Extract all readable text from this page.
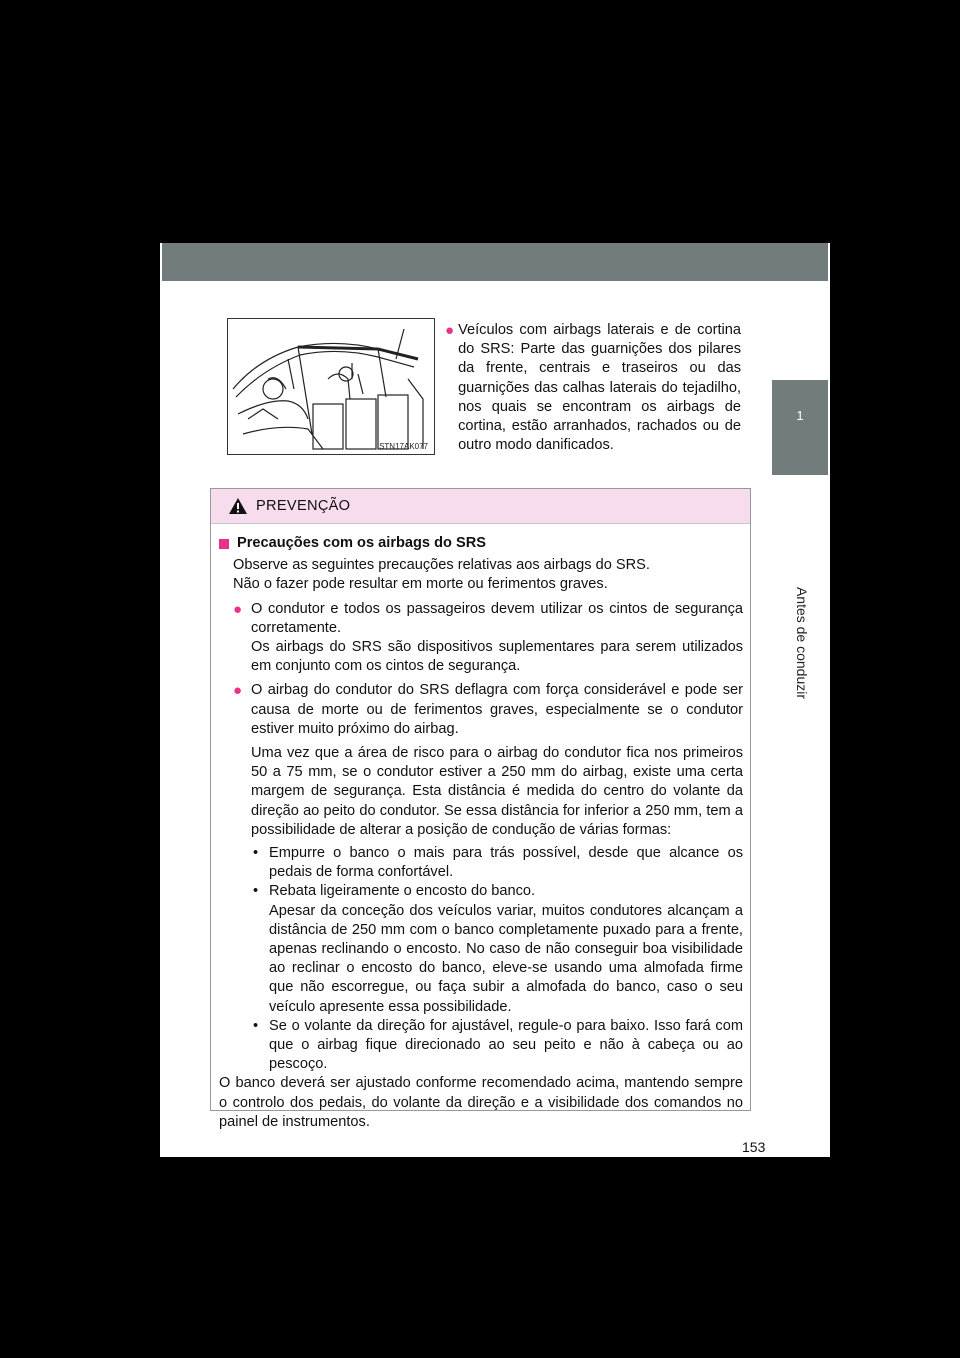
1
Antes de conduzir
STN17AK077
● Veículos com airbags laterais e de cortina do SRS: Parte das guarnições dos pilares da frente, centrais e traseiros ou das guarnições das calhas laterais do tejadilho, nos quais se encontram os airbags de cortina, estão arranhados, rachados ou de outro modo danificados.
PREVENÇÃO
Precauções com os airbags do SRS

Observe as seguintes precauções relativas aos airbags do SRS.

Não o fazer pode resultar em morte ou ferimentos graves.

● O condutor e todos os passageiros devem utilizar os cintos de segurança corretamente.

Os airbags do SRS são dispositivos suplementares para serem utilizados em conjunto com os cintos de segurança.

● O airbag do condutor do SRS deflagra com força considerável e pode ser causa de morte ou de ferimentos graves, especialmente se o condutor estiver muito próximo do airbag.

Uma vez que a área de risco para o airbag do condutor fica nos primeiros 50 a 75 mm, se o condutor estiver a 250 mm do airbag, existe uma certa margem de segurança. Esta distância é medida do centro do volante da direção ao peito do condutor. Se essa distância for inferior a 250 mm, tem a possibilidade de alterar a posição de condução de várias formas:

• Empurre o banco o mais para trás possível, desde que alcance os pedais de forma confortável.

• Rebata ligeiramente o encosto do banco.

Apesar da conceção dos veículos variar, muitos condutores alcançam a distância de 250 mm com o banco completamente puxado para a frente, apenas reclinando o encosto. No caso de não conseguir boa visibilidade ao reclinar o encosto do banco, eleve-se usando uma almofada firme que não escorregue, ou faça subir a almofada do banco, caso o seu veículo apresente essa possibilidade.

• Se o volante da direção for ajustável, regule-o para baixo. Isso fará com que o airbag fique direcionado ao seu peito e não à cabeça ou ao pescoço.

O banco deverá ser ajustado conforme recomendado acima, mantendo sempre o controlo dos pedais, do volante da direção e a visibilidade dos comandos no painel de instrumentos.

153
